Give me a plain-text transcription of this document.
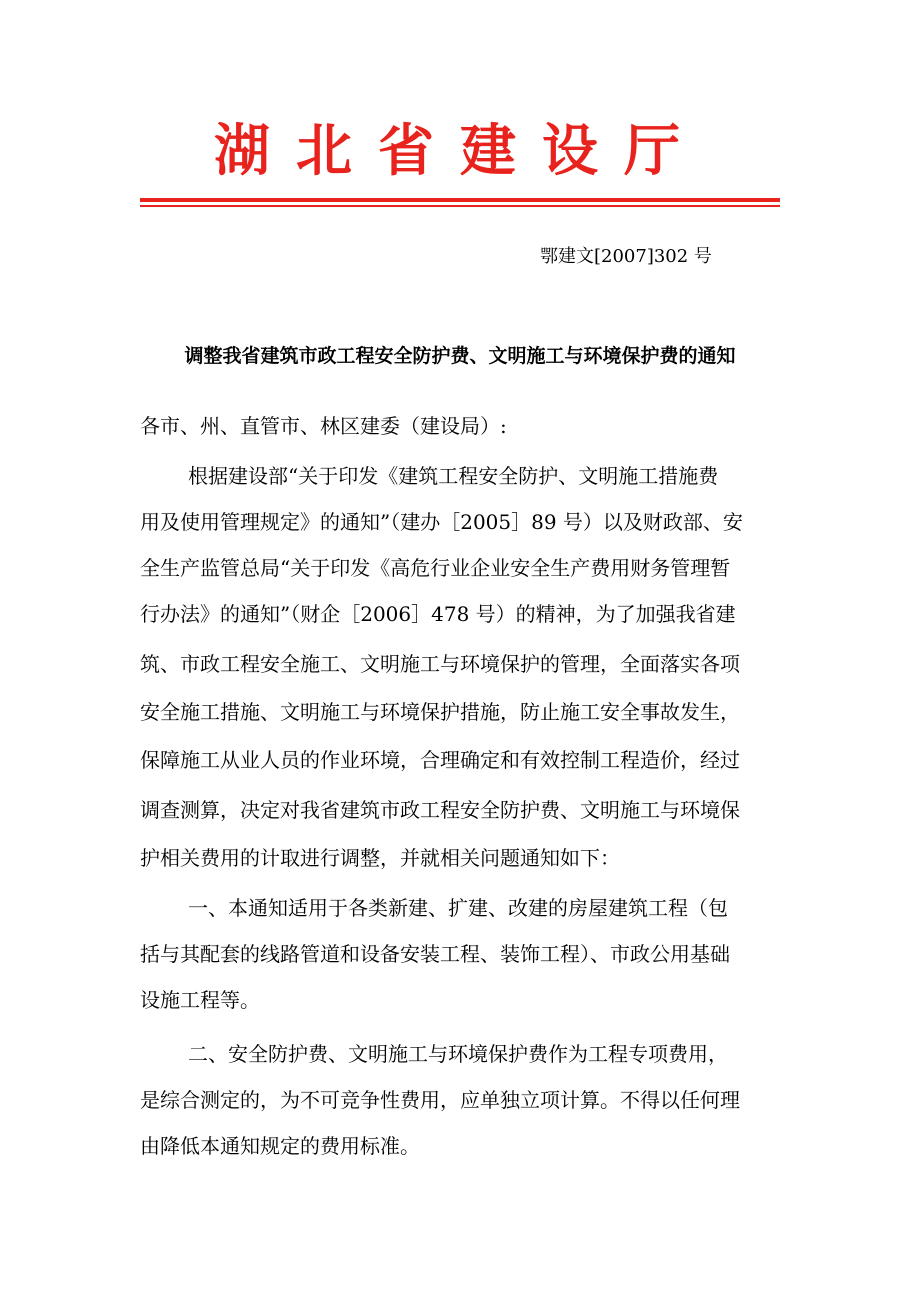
湖北省建设厅
鄂建文[2007]302 号
调整我省建筑市政工程安全防护费、文明施工与环境保护费的通知
各市、州、直管市、林区建委（建设局）:
根据建设部“关于印发《建筑工程安全防护、文明施工措施费
用及使用管理规定》的通知”（建办［2005］89 号）以及财政部、安
全生产监管总局“关于印发《高危行业企业安全生产费用财务管理暂
行办法》的通知”（财企［2006］478 号）的精神，为了加强我省建
筑、市政工程安全施工、文明施工与环境保护的管理，全面落实各项
安全施工措施、文明施工与环境保护措施，防止施工安全事故发生，
保障施工从业人员的作业环境，合理确定和有效控制工程造价，经过
调查测算，决定对我省建筑市政工程安全防护费、文明施工与环境保
护相关费用的计取进行调整，并就相关问题通知如下：
一、本通知适用于各类新建、扩建、改建的房屋建筑工程（包
括与其配套的线路管道和设备安装工程、装饰工程）、市政公用基础
设施工程等。
二、安全防护费、文明施工与环境保护费作为工程专项费用，
是综合测定的，为不可竞争性费用，应单独立项计算。不得以任何理
由降低本通知规定的费用标准。
